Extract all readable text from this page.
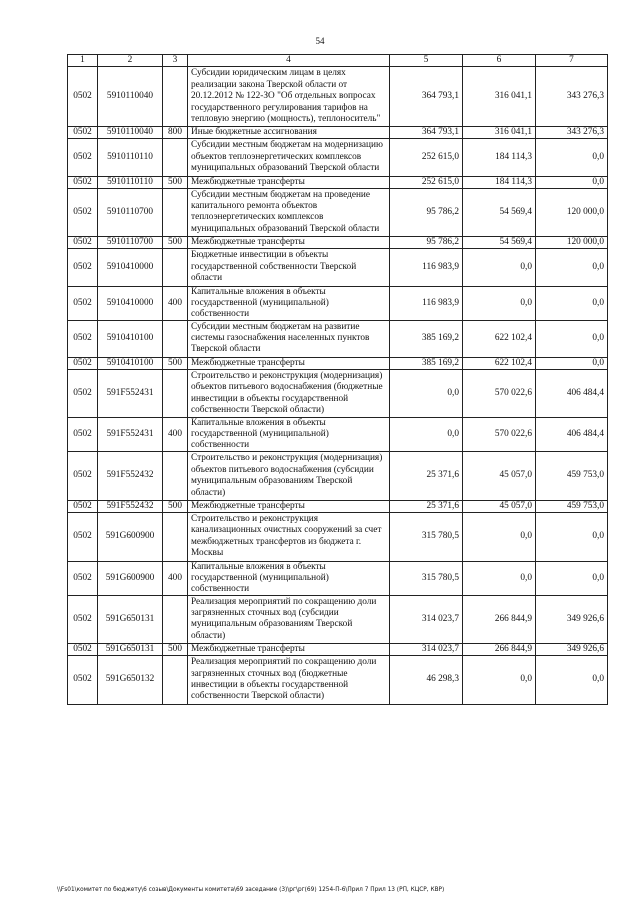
54
1	2	3	4	5	6	7
0502	5910110040		Субсидии юридическим лицам в целях реализации закона Тверской области от 20.12.2012 № 122-ЗО "Об отдельных вопросах государственного регулирования тарифов на тепловую энергию (мощность), теплоноситель"	364 793,1	316 041,1	343 276,3
0502	5910110040	800	Иные бюджетные ассигнования	364 793,1	316 041,1	343 276,3
0502	5910110110		Субсидии местным бюджетам на модернизацию объектов теплоэнергетических комплексов муниципальных образований Тверской области	252 615,0	184 114,3	0,0
0502	5910110110	500	Межбюджетные трансферты	252 615,0	184 114,3	0,0
0502	5910110700		Субсидии местным бюджетам на проведение капитального ремонта объектов теплоэнергетических комплексов муниципальных образований Тверской области	95 786,2	54 569,4	120 000,0
0502	5910110700	500	Межбюджетные трансферты	95 786,2	54 569,4	120 000,0
0502	5910410000		Бюджетные инвестиции в объекты государственной собственности Тверской области	116 983,9	0,0	0,0
0502	5910410000	400	Капитальные вложения в объекты государственной (муниципальной) собственности	116 983,9	0,0	0,0
0502	5910410100		Субсидии местным бюджетам на развитие системы газоснабжения населенных пунктов Тверской области	385 169,2	622 102,4	0,0
0502	5910410100	500	Межбюджетные трансферты	385 169,2	622 102,4	0,0
0502	591F552431		Строительство и реконструкция (модернизация) объектов питьевого водоснабжения (бюджетные инвестиции в объекты государственной собственности Тверской области)	0,0	570 022,6	406 484,4
0502	591F552431	400	Капитальные вложения в объекты государственной (муниципальной) собственности	0,0	570 022,6	406 484,4
0502	591F552432		Строительство и реконструкция (модернизация) объектов питьевого водоснабжения (субсидии муниципальным образованиям Тверской области)	25 371,6	45 057,0	459 753,0
0502	591F552432	500	Межбюджетные трансферты	25 371,6	45 057,0	459 753,0
0502	591G600900		Строительство и реконструкция канализационных очистных сооружений за счет межбюджетных трансфертов из бюджета г. Москвы	315 780,5	0,0	0,0
0502	591G600900	400	Капитальные вложения в объекты государственной (муниципальной) собственности	315 780,5	0,0	0,0
0502	591G650131		Реализация мероприятий по сокращению доли загрязненных сточных вод (субсидии муниципальным образованиям Тверской области)	314 023,7	266 844,9	349 926,6
0502	591G650131	500	Межбюджетные трансферты	314 023,7	266 844,9	349 926,6
0502	591G650132		Реализация мероприятий по сокращению доли загрязненных сточных вод (бюджетные инвестиции в объекты государственной собственности Тверской области)	46 298,3	0,0	0,0
\\Fs01\комитет по бюджету\6 созыв\Документы комитета\69 заседание (3)\рг\рг(69) 1254-П-6\Прил 7 Прил 13 (РП, КЦСР, КВР)
